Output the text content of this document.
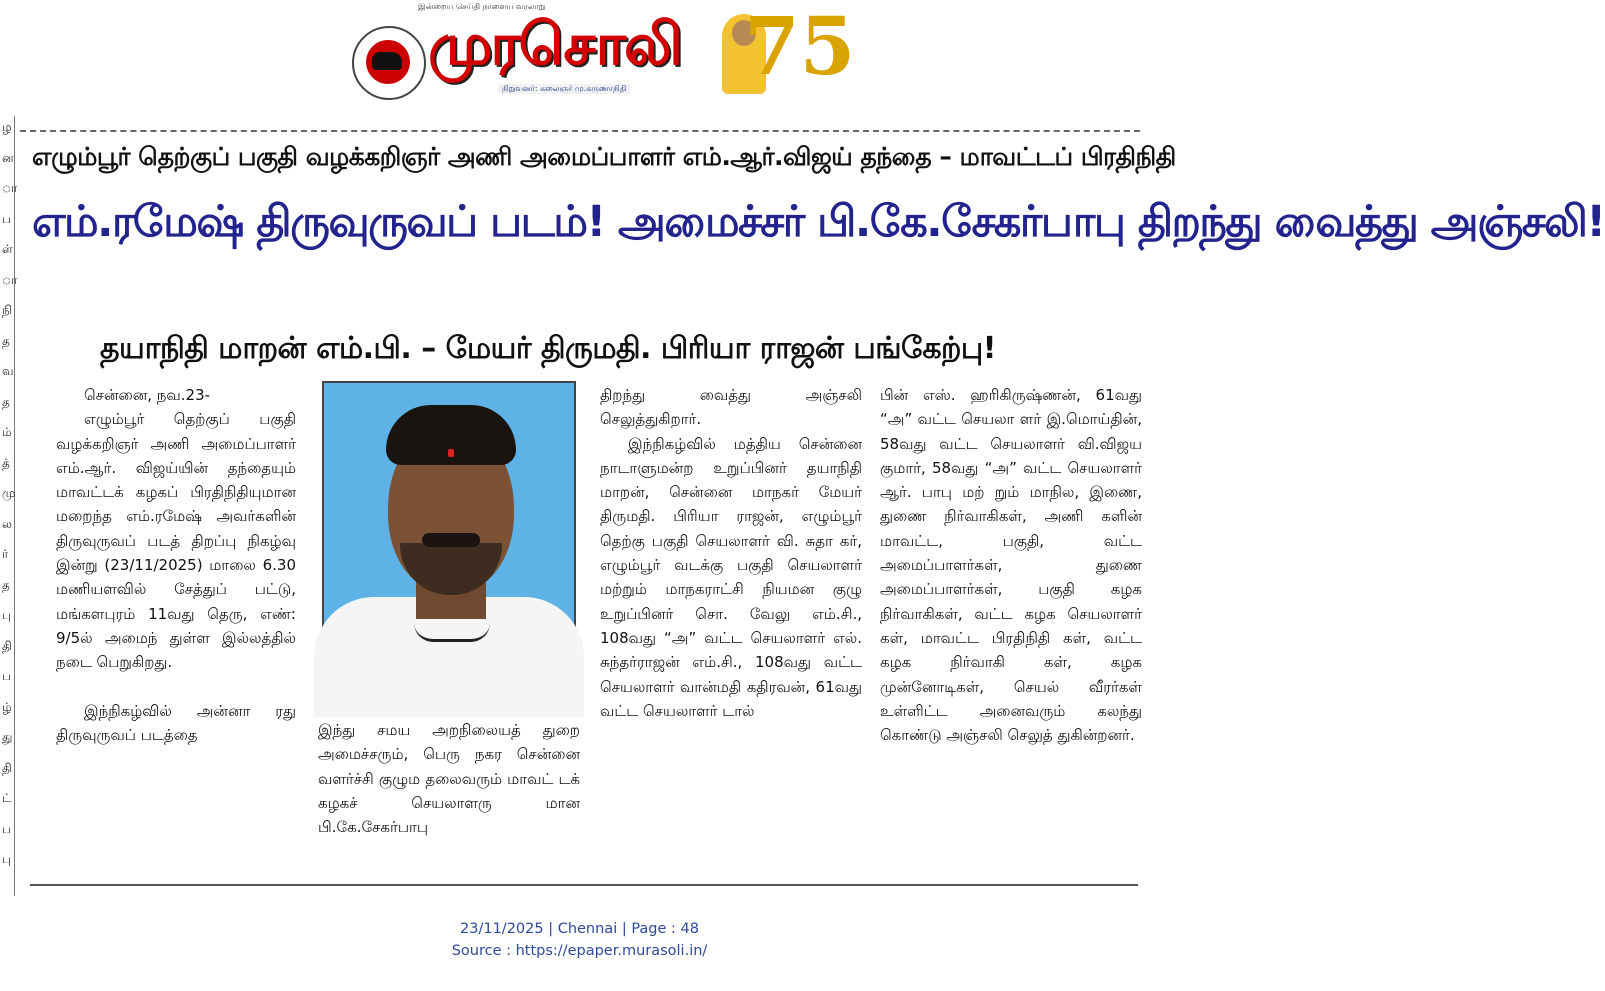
இன்றைய செய்தி நாளைய வரலாறு
முரசொலி
நிறுவனர்: கலைஞர் மு.கருணாநிதி 75
ழ
ன
ா
ப
ள்
ா
நி
த
வ
த
ம்
த்
மு
ல
ர்
த
பு
தி
ப
ழ்
து
தி
ட்
ப
பு
எழும்பூர் தெற்குப் பகுதி வழக்கறிஞர் அணி அமைப்பாளர் எம்.ஆர்.விஜய் தந்தை – மாவட்டப் பிரதிநிதி
எம்.ரமேஷ் திருவுருவப் படம்! அமைச்சர் பி.கே.சேகர்பாபு திறந்து வைத்து அஞ்சலி!
தயாநிதி மாறன் எம்.பி. – மேயர் திருமதி. பிரியா ராஜன் பங்கேற்பு!

சென்னை, நவ.23-

எழும்பூர் தெற்குப் பகுதி வழக்கறிஞர் அணி அமைப்பாளர் எம்.ஆர். விஜய்யின் தந்தையும் மாவட்டக் கழகப் பிரதிநிதியுமான மறைந்த எம்.ரமேஷ் அவர்களின் திருவுருவப் படத் திறப்பு நிகழ்வு இன்று (23/11/2025) மாலை 6.30 மணியளவில் சேத்துப் பட்டு, மங்களபுரம் 11வது தெரு, எண்: 9/5ல் அமைந் துள்ள இல்லத்தில் நடை பெறுகிறது.

இந்நிகழ்வில் அன்னா ரது திருவுருவப் படத்தை	இந்து சமய அறநிலையத் துறை அமைச்சரும், பெரு நகர சென்னை வளர்ச்சி குழும தலைவரும் மாவட் டக் கழகச் செயலாளரு மான பி.கே.சேகர்பாபு

திறந்து வைத்து அஞ்சலி செலுத்துகிறார்.

இந்நிகழ்வில் மத்திய சென்னை நாடாளுமன்ற உறுப்பினர் தயாநிதி மாறன், சென்னை மாநகர் மேயர் திருமதி. பிரியா ராஜன், எழும்பூர் தெற்கு பகுதி செயலாளர் வி. சுதா கர், எழும்பூர் வடக்கு பகுதி செயலாளர் மற்றும் மாநகராட்சி நியமன குழு உறுப்பினர் சொ. வேலு எம்.சி., 108வது “அ” வட்ட செயலாளர் எல். சுந்தர்ராஜன் எம்.சி., 108வது வட்ட செயலாளர் வான்மதி கதிரவன், 61வது வட்ட செயலாளர் டால்

பின் எஸ். ஹரிகிருஷ்ணன், 61வது “அ” வட்ட செயலா ளர் இ.மொய்தின், 58வது வட்ட செயலாளர் வி.விஜய குமார், 58வது “அ” வட்ட செயலாளர் ஆர். பாபு மற் றும் மாநில, இணை, துணை நிர்வாகிகள், அணி களின் மாவட்ட, பகுதி, வட்ட அமைப்பாளர்கள், துணை அமைப்பாளர்கள், பகுதி கழக நிர்வாகிகள், வட்ட கழக செயலாளர் கள், மாவட்ட பிரதிநிதி கள், வட்ட கழக நிர்வாகி கள், கழக முன்னோடிகள், செயல் வீரர்கள் உள்ளிட்ட அனைவரும் கலந்து கொண்டு அஞ்சலி செலுத் துகின்றனர்.

23/11/2025 | Chennai | Page : 48
Source : https://epaper.murasoli.in/
